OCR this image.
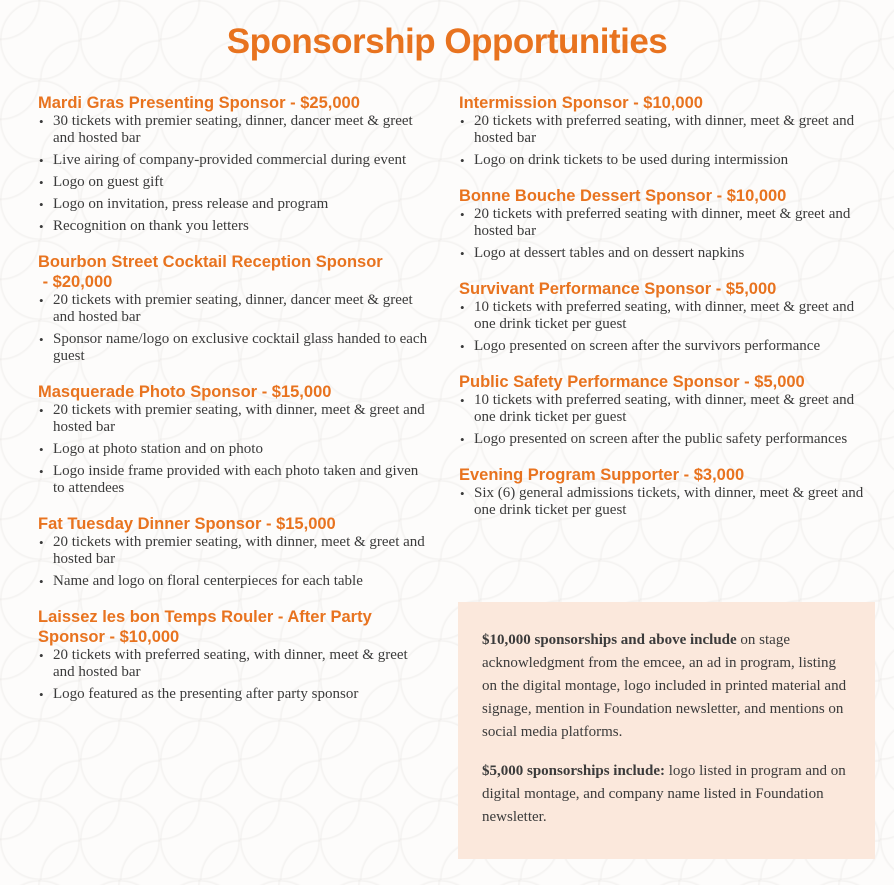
Sponsorship Opportunities
Mardi Gras Presenting Sponsor - $25,000
• 30 tickets with premier seating, dinner, dancer meet & greet and hosted bar
• Live airing of company-provided commercial during event
• Logo on guest gift
• Logo on invitation, press release and program
• Recognition on thank you letters
Bourbon Street Cocktail Reception Sponsor - $20,000
• 20 tickets with premier seating, dinner, dancer meet & greet and hosted bar
• Sponsor name/logo on exclusive cocktail glass handed to each guest
Masquerade Photo Sponsor - $15,000
• 20 tickets with premier seating, with dinner, meet & greet and hosted bar
• Logo at photo station and on photo
• Logo inside frame provided with each photo taken and given to attendees
Fat Tuesday Dinner Sponsor - $15,000
• 20 tickets with premier seating, with dinner, meet & greet and hosted bar
• Name and logo on floral centerpieces for each table
Laissez les bon Temps Rouler - After Party Sponsor - $10,000
• 20 tickets with preferred seating, with dinner, meet & greet and hosted bar
• Logo featured as the presenting after party sponsor
Intermission Sponsor - $10,000
• 20 tickets with preferred seating, with dinner, meet & greet and hosted bar
• Logo on drink tickets to be used during intermission
Bonne Bouche Dessert Sponsor - $10,000
• 20 tickets with preferred seating with dinner, meet & greet and hosted bar
• Logo at dessert tables and on dessert napkins
Survivant Performance Sponsor - $5,000
• 10 tickets with preferred seating, with dinner, meet & greet and one drink ticket per guest
• Logo presented on screen after the survivors performance
Public Safety Performance Sponsor - $5,000
• 10 tickets with preferred seating, with dinner, meet & greet and one drink ticket per guest
• Logo presented on screen after the public safety performances
Evening Program Supporter - $3,000
• Six (6) general admissions tickets, with dinner, meet & greet and one drink ticket per guest

$10,000 sponsorships and above include on stage acknowledgment from the emcee, an ad in program, listing on the digital montage, logo included in printed material and signage, mention in Foundation newsletter, and mentions on social media platforms.

$5,000 sponsorships include: logo listed in program and on digital montage, and company name listed in Foundation newsletter.
